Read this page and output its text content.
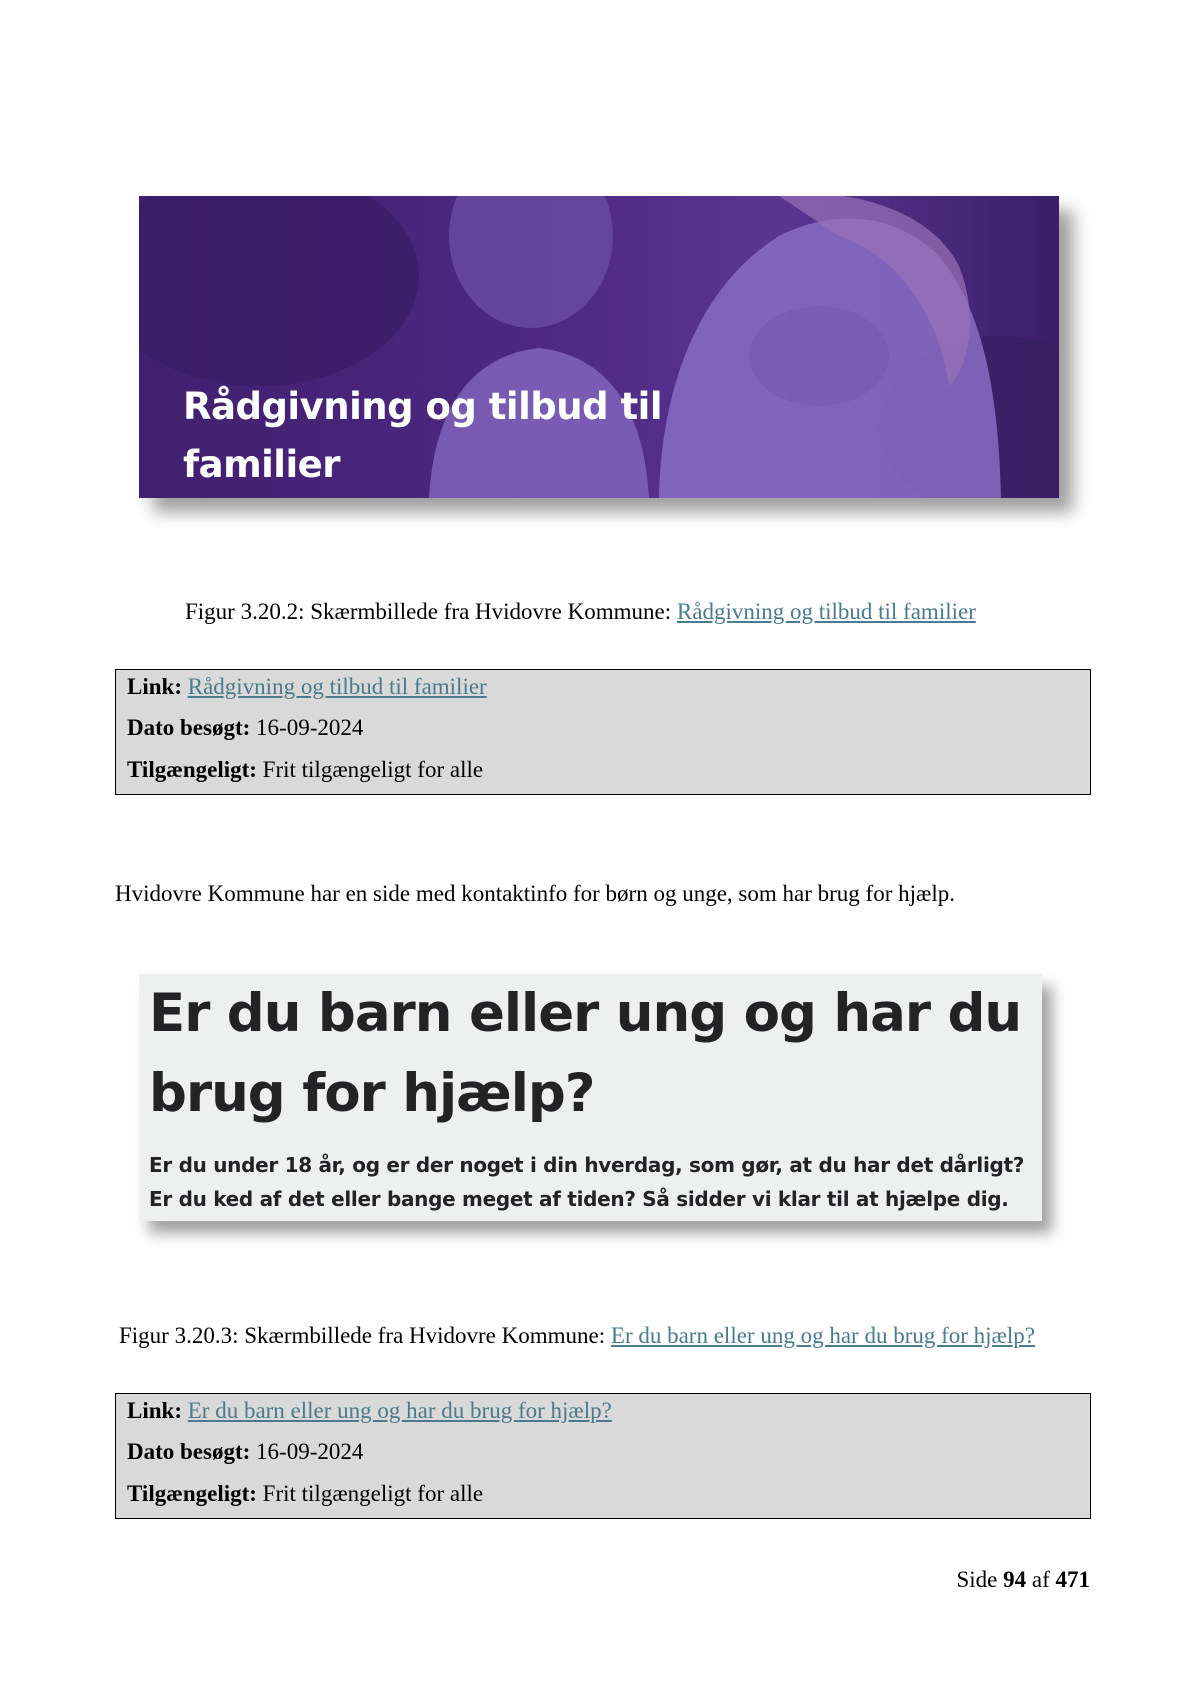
Rådgivning og tilbud til familier
Figur 3.20.2: Skærmbillede fra Hvidovre Kommune: Rådgivning og tilbud til familier
Link: Rådgivning og tilbud til familier
Dato besøgt: 16-09-2024
Tilgængeligt: Frit tilgængeligt for alle
Hvidovre Kommune har en side med kontaktinfo for børn og unge, som har brug for hjælp.
Er du barn eller ung og har du brug for hjælp?
Er du under 18 år, og er der noget i din hverdag, som gør, at du har det dårligt? Er du ked af det eller bange meget af tiden? Så sidder vi klar til at hjælpe dig.
Figur 3.20.3: Skærmbillede fra Hvidovre Kommune: Er du barn eller ung og har du brug for hjælp?
Link: Er du barn eller ung og har du brug for hjælp?
Dato besøgt: 16-09-2024
Tilgængeligt: Frit tilgængeligt for alle
Side 94 af 471
